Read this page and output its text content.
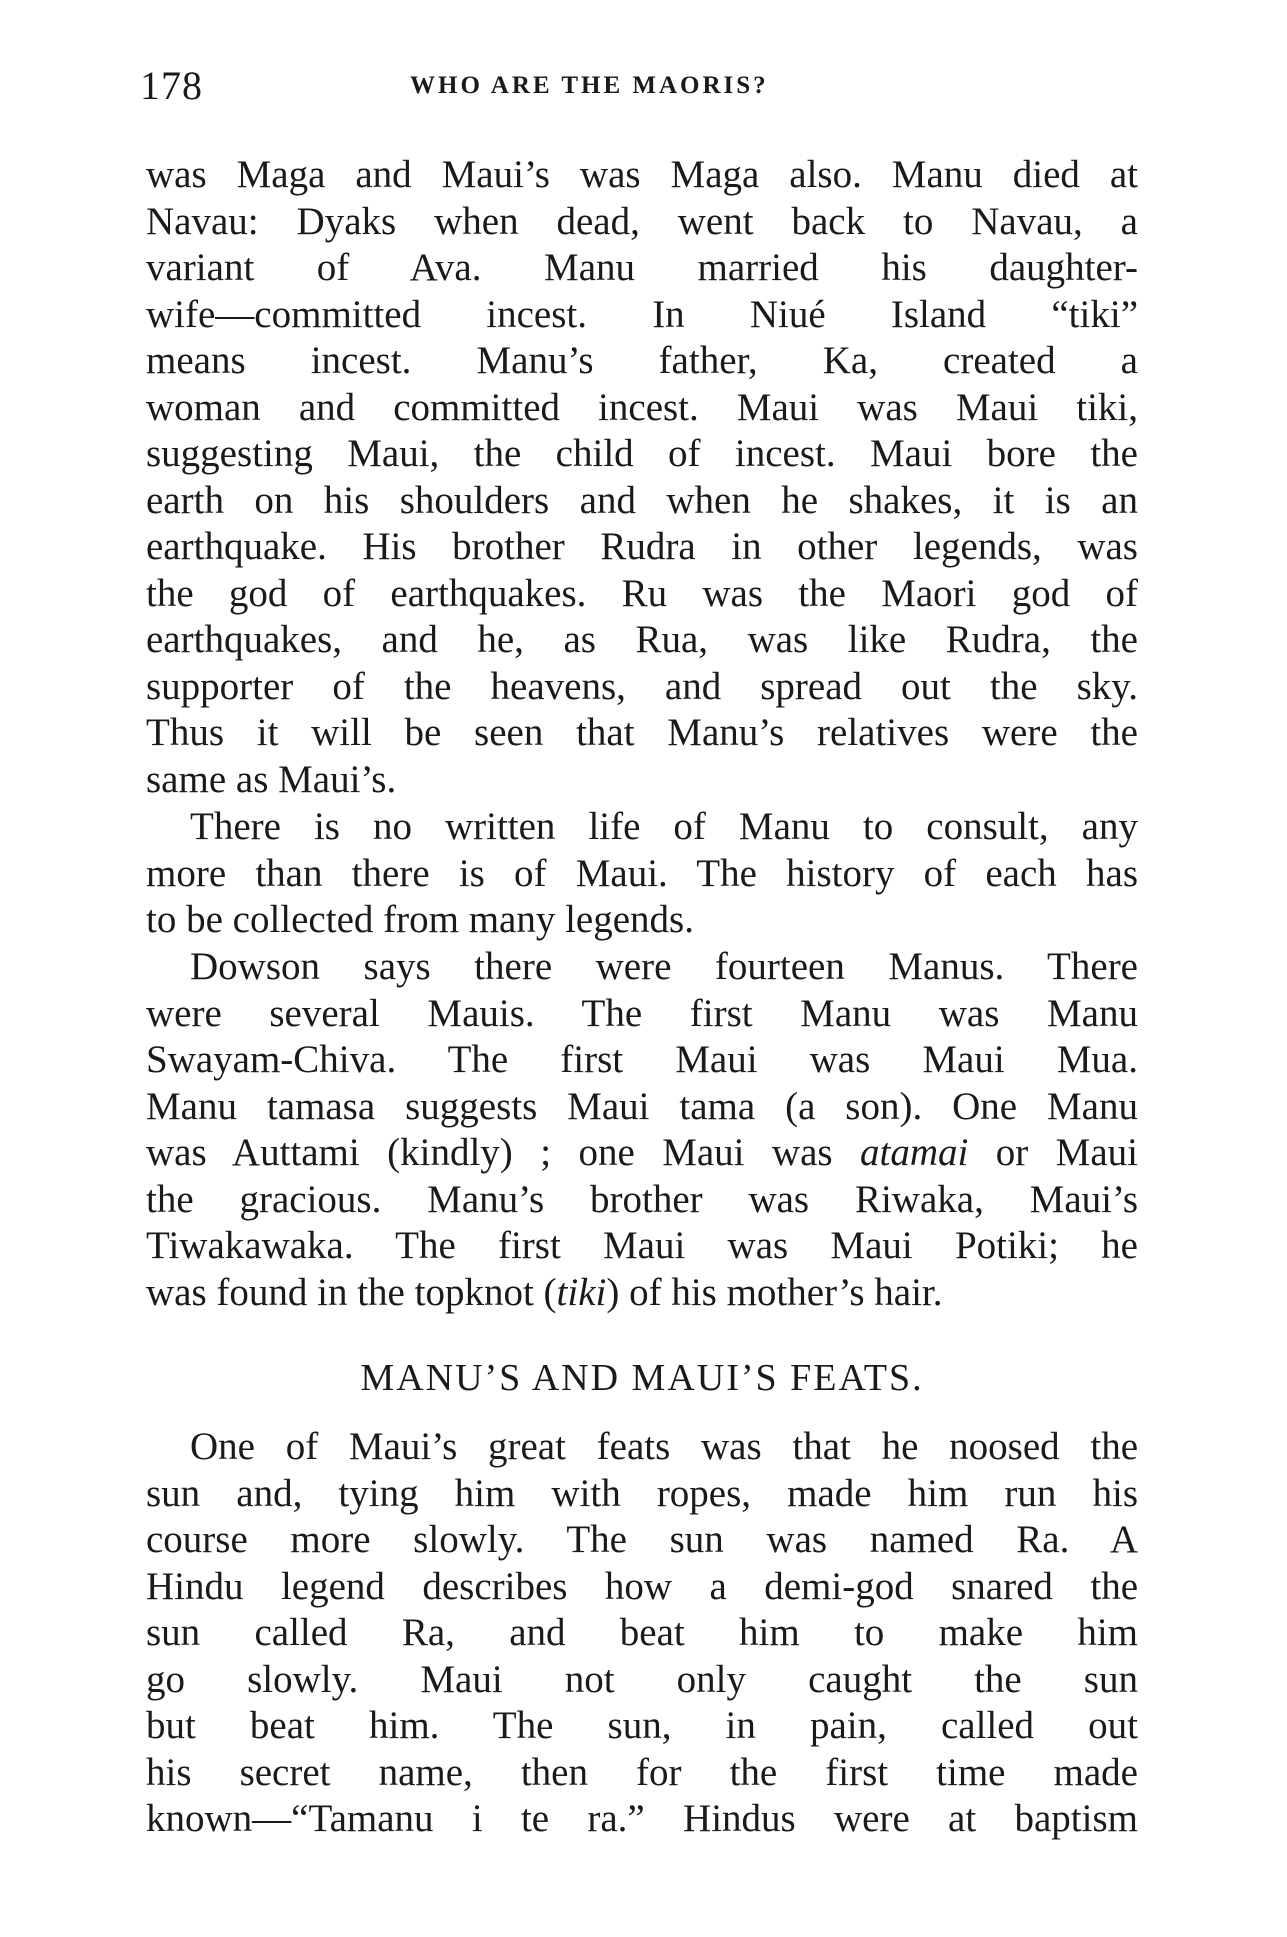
178	WHO ARE THE MAORIS?
was Maga and Maui’s was Maga also. Manu died at
Navau: Dyaks when dead, went back to Navau, a
variant of Ava. Manu married his daughter-
wife—committed incest. In Niué Island “tiki”
means incest. Manu’s father, Ka, created a
woman and committed incest. Maui was Maui tiki,
suggesting Maui, the child of incest. Maui bore the
earth on his shoulders and when he shakes, it is an
earthquake. His brother Rudra in other legends, was
the god of earthquakes. Ru was the Maori god of
earthquakes, and he, as Rua, was like Rudra, the
supporter of the heavens, and spread out the sky.
Thus it will be seen that Manu’s relatives were the
same as Maui’s.
There is no written life of Manu to consult, any
more than there is of Maui. The history of each has
to be collected from many legends.
Dowson says there were fourteen Manus. There
were several Mauis. The first Manu was Manu
Swayam-Chiva. The first Maui was Maui Mua.
Manu tamasa suggests Maui tama (a son). One Manu
was Auttami (kindly) ; one Maui was atamai or Maui
the gracious. Manu’s brother was Riwaka, Maui’s
Tiwakawaka. The first Maui was Maui Potiki; he
was found in the topknot (tiki) of his mother’s hair.
MANU’S AND MAUI’S FEATS.
One of Maui’s great feats was that he noosed the
sun and, tying him with ropes, made him run his
course more slowly. The sun was named Ra. A
Hindu legend describes how a demi-god snared the
sun called Ra, and beat him to make him
go slowly. Maui not only caught the sun
but beat him. The sun, in pain, called out
his secret name, then for the first time made
known—“Tamanu i te ra.” Hindus were at baptism
